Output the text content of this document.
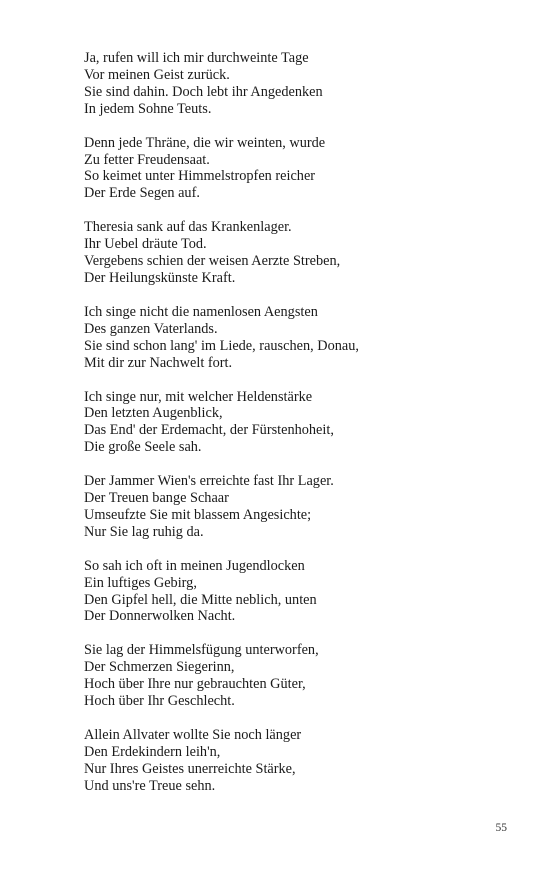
Ja, rufen will ich mir durchweinte Tage
Vor meinen Geist zurück.
Sie sind dahin. Doch lebt ihr Angedenken
In jedem Sohne Teuts.
Denn jede Thräne, die wir weinten, wurde
Zu fetter Freudensaat.
So keimet unter Himmelstropfen reicher
Der Erde Segen auf.
Theresia sank auf das Krankenlager.
Ihr Uebel dräute Tod.
Vergebens schien der weisen Aerzte Streben,
Der Heilungskünste Kraft.
Ich singe nicht die namenlosen Aengsten
Des ganzen Vaterlands.
Sie sind schon lang' im Liede, rauschen, Donau,
Mit dir zur Nachwelt fort.
Ich singe nur, mit welcher Heldenstärke
Den letzten Augenblick,
Das End' der Erdemacht, der Fürstenhoheit,
Die große Seele sah.
Der Jammer Wien's erreichte fast Ihr Lager.
Der Treuen bange Schaar
Umseufzte Sie mit blassem Angesichte;
Nur Sie lag ruhig da.
So sah ich oft in meinen Jugendlocken
Ein luftiges Gebirg,
Den Gipfel hell, die Mitte neblich, unten
Der Donnerwolken Nacht.
Sie lag der Himmelsfügung unterworfen,
Der Schmerzen Siegerinn,
Hoch über Ihre nur gebrauchten Güter,
Hoch über Ihr Geschlecht.
Allein Allvater wollte Sie noch länger
Den Erdekindern leih'n,
Nur Ihres Geistes unerreichte Stärke,
Und uns're Treue sehn.
55
